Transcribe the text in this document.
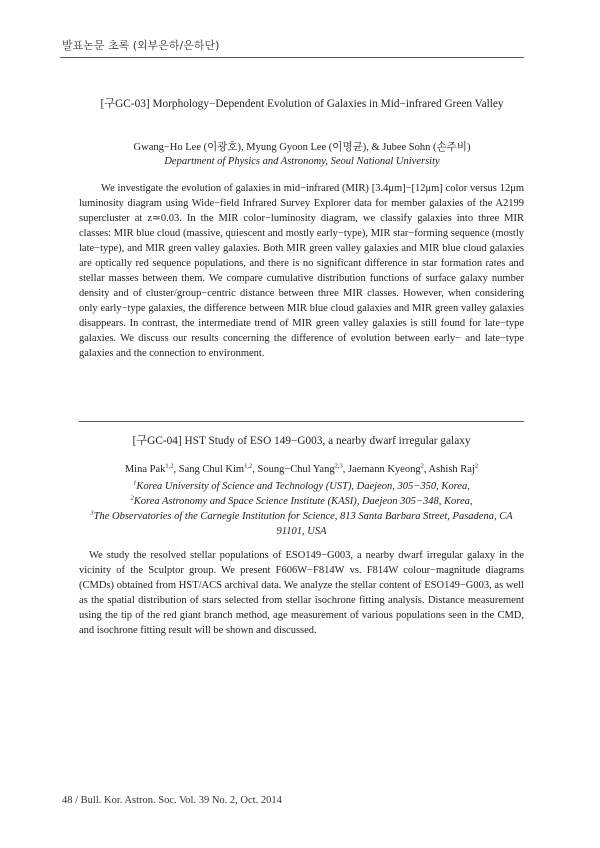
발표논문 초록 (외부은하/은하단)
[구GC-03] Morphology−Dependent Evolution of Galaxies in Mid−infrared Green Valley
Gwang−Ho Lee (이광호), Myung Gyoon Lee (이명균), & Jubee Sohn (손주비)
Department of Physics and Astronomy, Seoul National University

We investigate the evolution of galaxies in mid−infrared (MIR) [3.4μm]−[12μm] color versus 12μm luminosity diagram using Wide−field Infrared Survey Explorer data for member galaxies of the A2199 supercluster at z≃0.03. In the MIR color−luminosity diagram, we classify galaxies into three MIR classes: MIR blue cloud (massive, quiescent and mostly early−type), MIR star−forming sequence (mostly late−type), and MIR green valley galaxies. Both MIR green valley galaxies and MIR blue cloud galaxies are optically red sequence populations, and there is no significant difference in star formation rates and stellar masses between them. We compare cumulative distribution functions of surface galaxy number density and of cluster/group−centric distance between three MIR classes. However, when considering only early−type galaxies, the difference between MIR blue cloud galaxies and MIR green valley galaxies disappears. In contrast, the intermediate trend of MIR green valley galaxies is still found for late−type galaxies. We discuss our results concerning the difference of evolution between early− and late−type galaxies and the connection to environment.

[구GC-04] HST Study of ESO 149−G003, a nearby dwarf irregular galaxy
Mina Pak$^{1,2}$, Sang Chul Kim$^{1,2}$, Soung−Chul Yang$^{2,3}$, Jaemann Kyeong$^2$, Ashish Raj$^2$
$^1$Korea University of Science and Technology (UST), Daejeon, 305−350, Korea,
$^2$Korea Astronomy and Space Science Institute (KASI), Daejeon 305−348, Korea,
$^3$The Observatories of the Carnegie Institution for Science, 813 Santa Barbara Street, Pasadena, CA 91101, USA

We study the resolved stellar populations of ESO149−G003, a nearby dwarf irregular galaxy in the vicinity of the Sculptor group. We present F606W−F814W vs. F814W colour−magnitude diagrams (CMDs) obtained from HST/ACS archival data. We analyze the stellar content of ESO149−G003, as well as the spatial distribution of stars selected from stellar isochrone fitting analysis. Distance measurement using the tip of the red giant branch method, age measurement of various populations seen in the CMD, and isochrone fitting result will be shown and discussed.

48 / Bull. Kor. Astron. Soc. Vol. 39 No. 2, Oct. 2014
